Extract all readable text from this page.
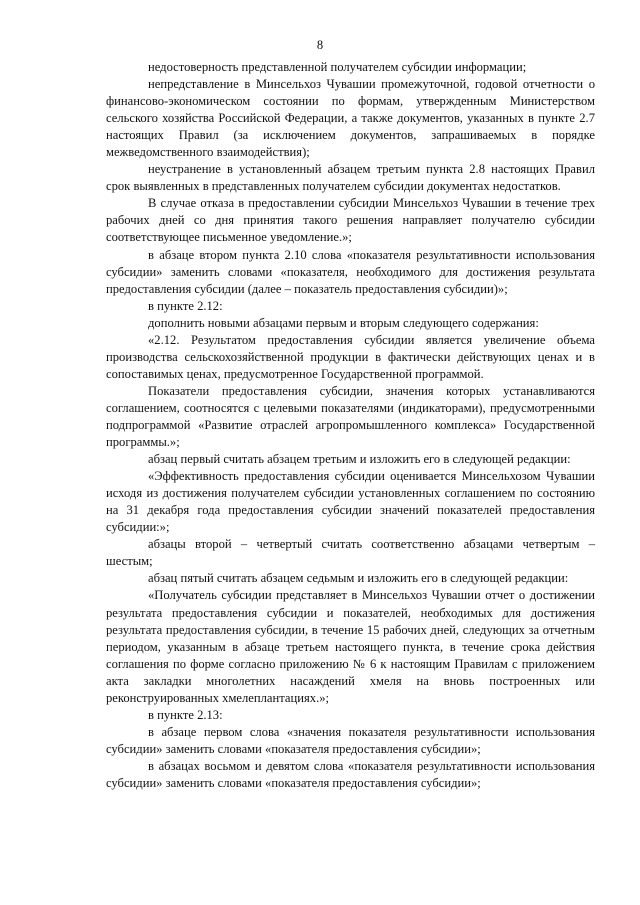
8

недостоверность представленной получателем субсидии информации;

непредставление в Минсельхоз Чувашии промежуточной, годовой отчетности о финансово-экономическом состоянии по формам, утвержденным Министерством сельского хозяйства Российской Федерации, а также документов, указанных в пункте 2.7 настоящих Правил (за исключением документов, запрашиваемых в порядке межведомственного взаимодействия);

неустранение в установленный абзацем третьим пункта 2.8 настоящих Правил срок выявленных в представленных получателем субсидии документах недостатков.

В случае отказа в предоставлении субсидии Минсельхоз Чувашии в течение трех рабочих дней со дня принятия такого решения направляет получателю субсидии соответствующее письменное уведомление.»;

в абзаце втором пункта 2.10 слова «показателя результативности использования субсидии» заменить словами «показателя, необходимого для достижения результата предоставления субсидии (далее – показатель предоставления субсидии)»;

в пункте 2.12:

дополнить новыми абзацами первым и вторым следующего содержания:

«2.12. Результатом предоставления субсидии является увеличение объема производства сельскохозяйственной продукции в фактически действующих ценах и в сопоставимых ценах, предусмотренное Государственной программой.

Показатели предоставления субсидии, значения которых устанавливаются соглашением, соотносятся с целевыми показателями (индикаторами), предусмотренными подпрограммой «Развитие отраслей агропромышленного комплекса» Государственной программы.»;

абзац первый считать абзацем третьим и изложить его в следующей редакции:

«Эффективность предоставления субсидии оценивается Минсельхозом Чувашии исходя из достижения получателем субсидии установленных соглашением по состоянию на 31 декабря года предоставления субсидии значений показателей предоставления субсидии:»;

абзацы второй – четвертый считать соответственно абзацами четвертым – шестым;

абзац пятый считать абзацем седьмым и изложить его в следующей редакции:

«Получатель субсидии представляет в Минсельхоз Чувашии отчет о достижении результата предоставления субсидии и показателей, необходимых для достижения результата предоставления субсидии, в течение 15 рабочих дней, следующих за отчетным периодом, указанным в абзаце третьем настоящего пункта, в течение срока действия соглашения по форме согласно приложению № 6 к настоящим Правилам с приложением акта закладки многолетних насаждений хмеля на вновь построенных или реконструированных хмелеплантациях.»;

в пункте 2.13:

в абзаце первом слова «значения показателя результативности использования субсидии» заменить словами «показателя предоставления субсидии»;

в абзацах восьмом и девятом слова «показателя результативности использования субсидии» заменить словами «показателя предоставления субсидии»;
